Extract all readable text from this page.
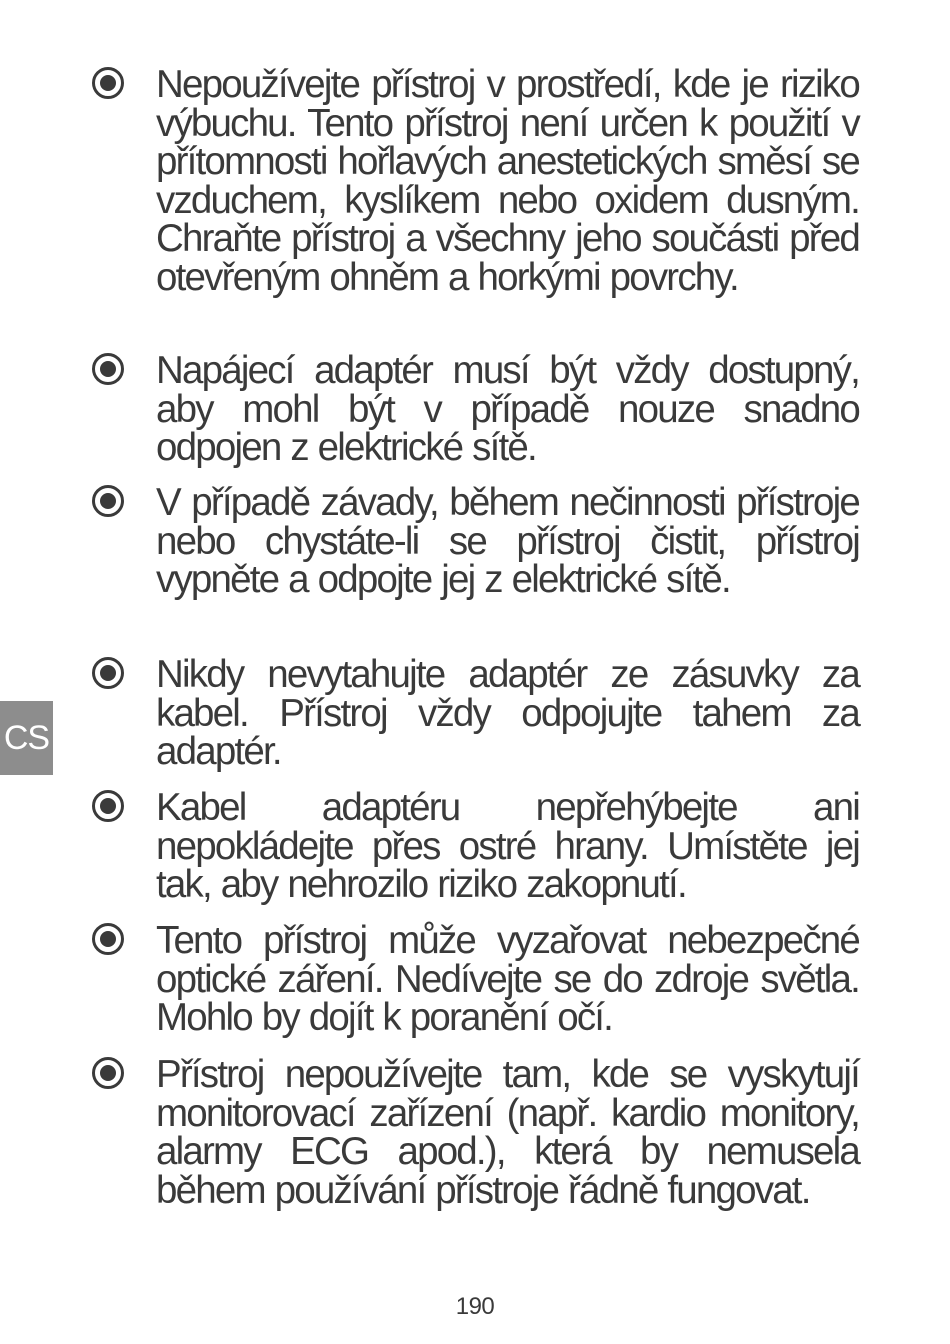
Nepoužívejte přístroj v prostředí, kde je riziko výbuchu. Tento přístroj není určen k použití v přítomnosti hořlavých anestetických směsí se vzduchem, kyslíkem nebo oxidem dusným. Chraňte přístroj a všechny jeho součásti před otevřeným ohněm a horkými povrchy.

Napájecí adaptér musí být vždy dostupný, aby mohl být v případě nouze snadno odpojen z elektrické sítě.

V případě závady, během nečinnosti přístroje nebo chystáte-li se přístroj čistit, přístroj vypněte a odpojte jej z elektrické sítě.

Nikdy nevytahujte adaptér ze zásuvky za kabel. Přístroj vždy odpojujte tahem za adaptér.

Kabel adaptéru nepřehýbejte ani nepokládejte přes ostré hrany. Umístěte jej tak, aby nehrozilo riziko zakopnutí.

Tento přístroj může vyzařovat nebezpečné optické záření. Nedívejte se do zdroje světla. Mohlo by dojít k poranění očí.

Přístroj nepoužívejte tam, kde se vyskytují monitorovací zařízení (např. kardio monitory, alarmy ECG apod.), která by nemusela během používání přístroje řádně fungovat.

CS
190
